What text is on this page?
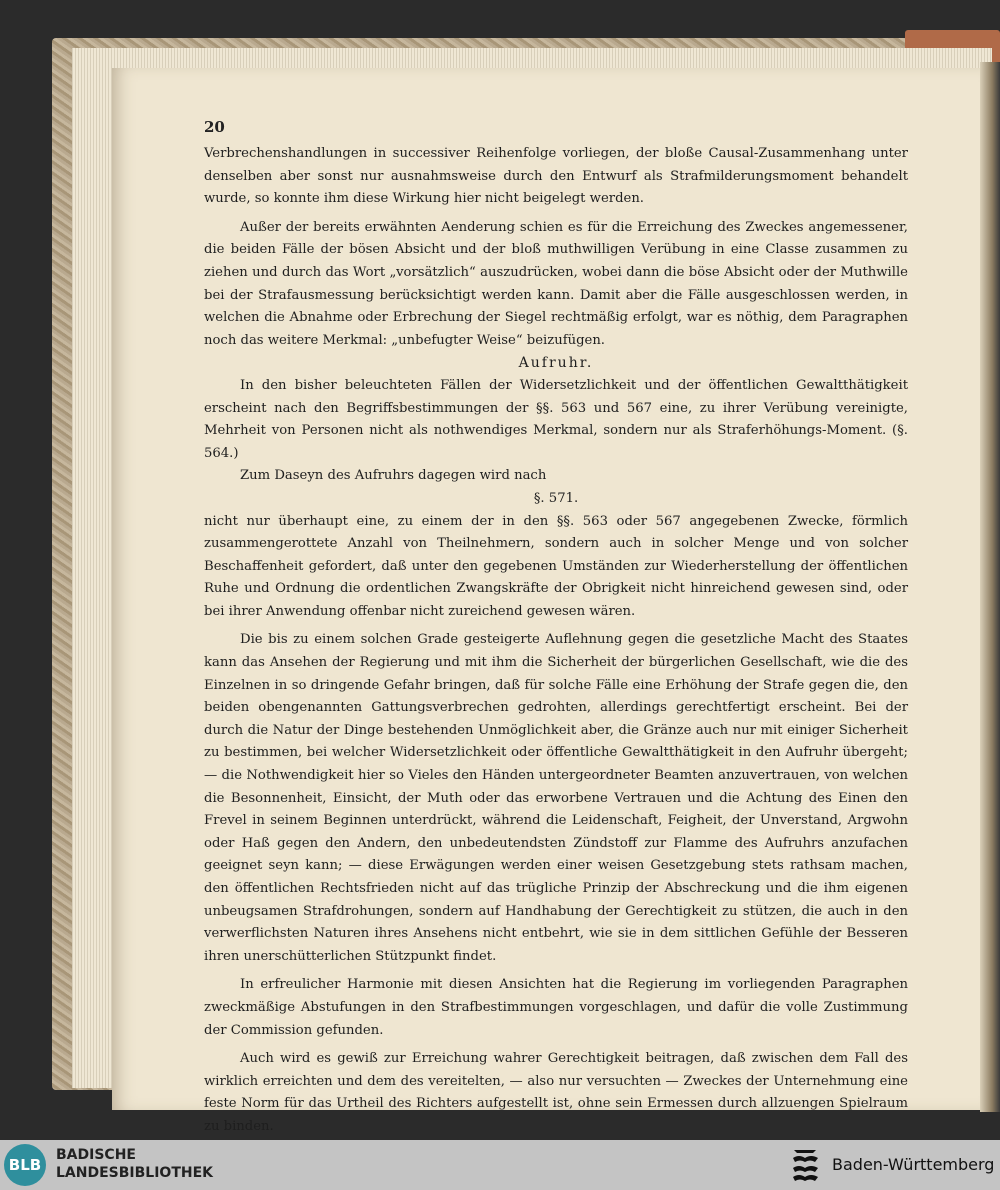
20

Verbrechenshandlungen in successiver Reihenfolge vorliegen, der bloße Causal-Zusammenhang unter denselben aber sonst nur ausnahmsweise durch den Entwurf als Strafmilderungsmoment behandelt wurde, so konnte ihm diese Wirkung hier nicht beigelegt werden.

Außer der bereits erwähnten Aenderung schien es für die Erreichung des Zweckes angemessener, die beiden Fälle der bösen Absicht und der bloß muthwilligen Verübung in eine Classe zusammen zu ziehen und durch das Wort „vorsätzlich“ auszudrücken, wobei dann die böse Absicht oder der Muthwille bei der Strafausmessung berücksichtigt werden kann. Damit aber die Fälle ausgeschlossen werden, in welchen die Abnahme oder Erbrechung der Siegel rechtmäßig erfolgt, war es nöthig, dem Paragraphen noch das weitere Merkmal: „unbefugter Weise“ beizufügen.

Aufruhr.

In den bisher beleuchteten Fällen der Widersetzlichkeit und der öffentlichen Gewaltthätigkeit erscheint nach den Begriffsbestimmungen der §§. 563 und 567 eine, zu ihrer Verübung vereinigte, Mehrheit von Personen nicht als nothwendiges Merkmal, sondern nur als Straferhöhungs-Moment. (§. 564.)

Zum Daseyn des Aufruhrs dagegen wird nach

§. 571.

nicht nur überhaupt eine, zu einem der in den §§. 563 oder 567 angegebenen Zwecke, förmlich zusammengerottete Anzahl von Theilnehmern, sondern auch in solcher Menge und von solcher Beschaffenheit gefordert, daß unter den gegebenen Umständen zur Wiederherstellung der öffentlichen Ruhe und Ordnung die ordentlichen Zwangskräfte der Obrigkeit nicht hinreichend gewesen sind, oder bei ihrer Anwendung offenbar nicht zureichend gewesen wären.

Die bis zu einem solchen Grade gesteigerte Auflehnung gegen die gesetzliche Macht des Staates kann das Ansehen der Regierung und mit ihm die Sicherheit der bürgerlichen Gesellschaft, wie die des Einzelnen in so dringende Gefahr bringen, daß für solche Fälle eine Erhöhung der Strafe gegen die, den beiden obengenannten Gattungsverbrechen gedrohten, allerdings gerechtfertigt erscheint. Bei der durch die Natur der Dinge bestehenden Unmöglichkeit aber, die Gränze auch nur mit einiger Sicherheit zu bestimmen, bei welcher Widersetzlichkeit oder öffentliche Gewaltthätigkeit in den Aufruhr übergeht; — die Nothwendigkeit hier so Vieles den Händen untergeordneter Beamten anzuvertrauen, von welchen die Besonnenheit, Einsicht, der Muth oder das erworbene Vertrauen und die Achtung des Einen den Frevel in seinem Beginnen unterdrückt, während die Leidenschaft, Feigheit, der Unverstand, Argwohn oder Haß gegen den Andern, den unbedeutendsten Zündstoff zur Flamme des Aufruhrs anzufachen geeignet seyn kann; — diese Erwägungen werden einer weisen Gesetzgebung stets rathsam machen, den öffentlichen Rechtsfrieden nicht auf das trügliche Prinzip der Abschreckung und die ihm eigenen unbeugsamen Strafdrohungen, sondern auf Handhabung der Gerechtigkeit zu stützen, die auch in den verwerflichsten Naturen ihres Ansehens nicht entbehrt, wie sie in dem sittlichen Gefühle der Besseren ihren unerschütterlichen Stützpunkt findet.

In erfreulicher Harmonie mit diesen Ansichten hat die Regierung im vorliegenden Paragraphen zweckmäßige Abstufungen in den Strafbestimmungen vorgeschlagen, und dafür die volle Zustimmung der Commission gefunden.

Auch wird es gewiß zur Erreichung wahrer Gerechtigkeit beitragen, daß zwischen dem Fall des wirklich erreichten und dem des vereitelten, — also nur versuchten — Zweckes der Unternehmung eine feste Norm für das Urtheil des Richters aufgestellt ist, ohne sein Ermessen durch allzuengen Spielraum zu binden.

BLB
BADISCHE
LANDESBIBLIOTHEK	Baden-Württemberg
